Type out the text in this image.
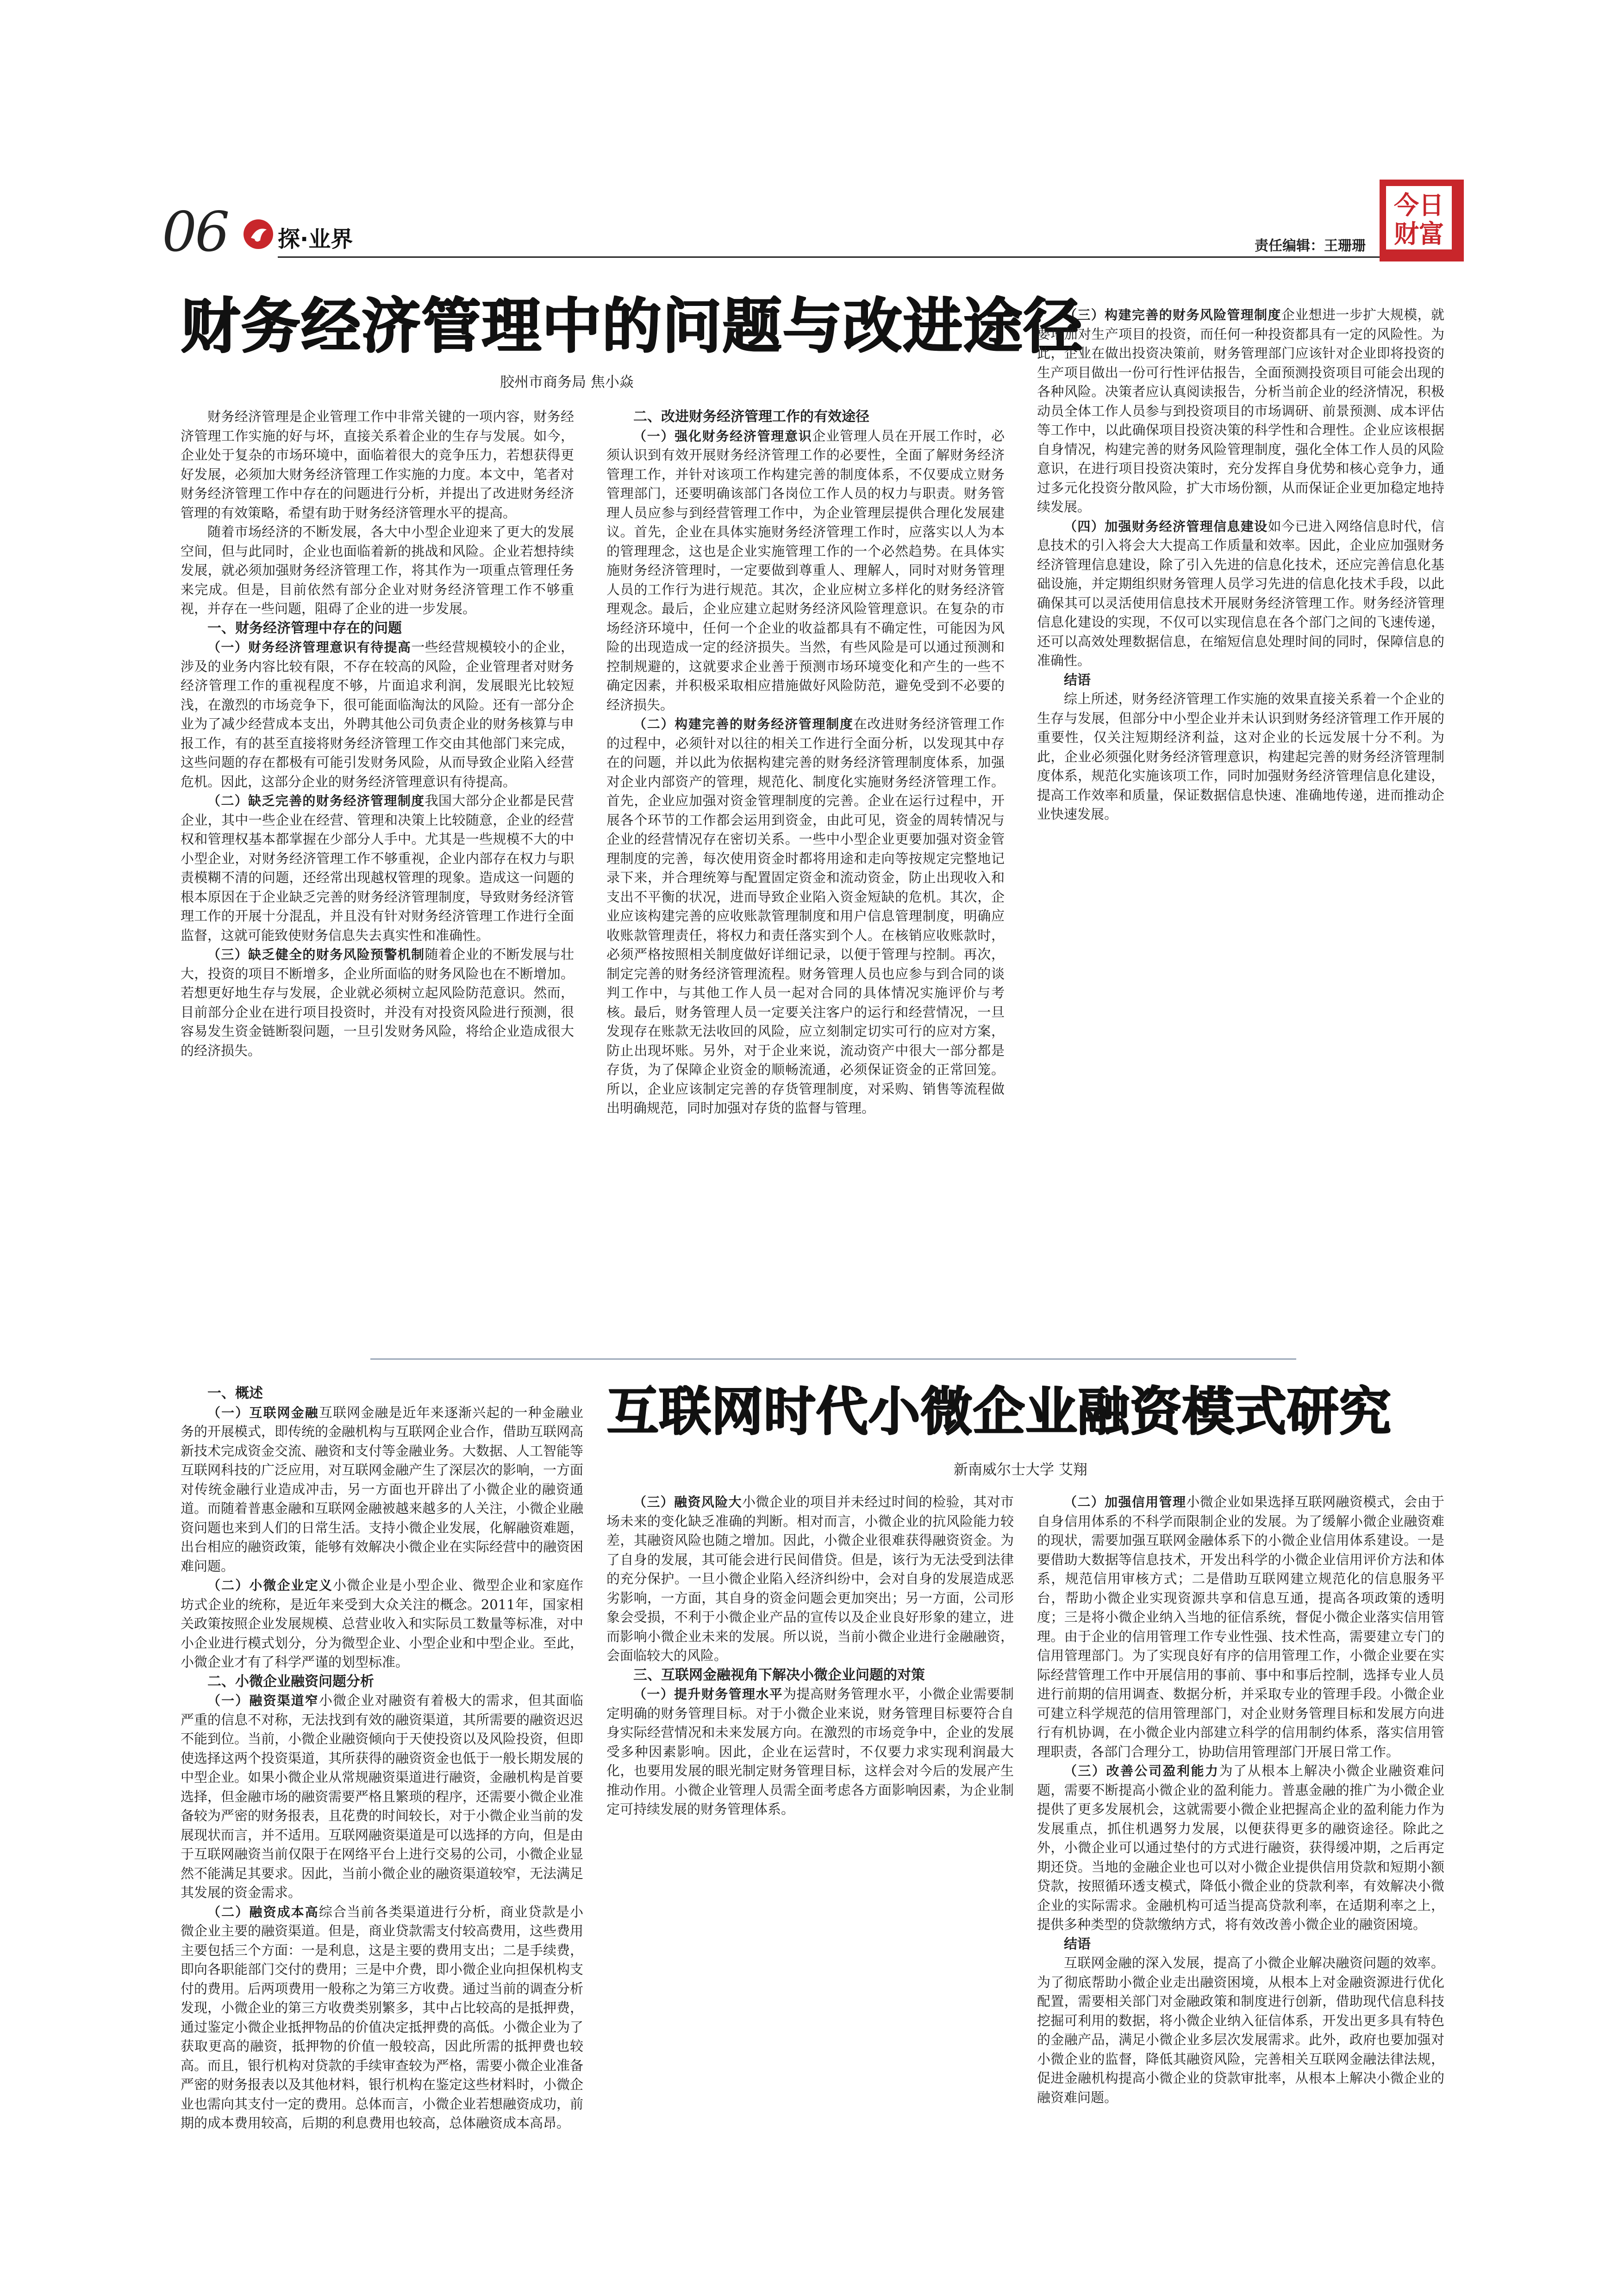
06 探·业界	责任编辑：王珊珊
今日财富
财务经济管理中的问题与改进途径
胶州市商务局 焦小焱

财务经济管理是企业管理工作中非常关键的一项内容，财务经济管理工作实施的好与坏，直接关系着企业的生存与发展。如今，企业处于复杂的市场环境中，面临着很大的竞争压力，若想获得更好发展，必须加大财务经济管理工作实施的力度。本文中，笔者对财务经济管理工作中存在的问题进行分析，并提出了改进财务经济管理的有效策略，希望有助于财务经济管理水平的提高。

随着市场经济的不断发展，各大中小型企业迎来了更大的发展空间，但与此同时，企业也面临着新的挑战和风险。企业若想持续发展，就必须加强财务经济管理工作，将其作为一项重点管理任务来完成。但是，目前依然有部分企业对财务经济管理工作不够重视，并存在一些问题，阻碍了企业的进一步发展。

一、财务经济管理中存在的问题

（一）财务经济管理意识有待提高一些经营规模较小的企业，涉及的业务内容比较有限，不存在较高的风险，企业管理者对财务经济管理工作的重视程度不够，片面追求利润，发展眼光比较短浅，在激烈的市场竞争下，很可能面临淘汰的风险。还有一部分企业为了减少经营成本支出，外聘其他公司负责企业的财务核算与申报工作，有的甚至直接将财务经济管理工作交由其他部门来完成，这些问题的存在都极有可能引发财务风险，从而导致企业陷入经营危机。因此，这部分企业的财务经济管理意识有待提高。

（二）缺乏完善的财务经济管理制度我国大部分企业都是民营企业，其中一些企业在经营、管理和决策上比较随意，企业的经营权和管理权基本都掌握在少部分人手中。尤其是一些规模不大的中小型企业，对财务经济管理工作不够重视，企业内部存在权力与职责模糊不清的问题，还经常出现越权管理的现象。造成这一问题的根本原因在于企业缺乏完善的财务经济管理制度，导致财务经济管理工作的开展十分混乱，并且没有针对财务经济管理工作进行全面监督，这就可能致使财务信息失去真实性和准确性。

（三）缺乏健全的财务风险预警机制随着企业的不断发展与壮大，投资的项目不断增多，企业所面临的财务风险也在不断增加。若想更好地生存与发展，企业就必须树立起风险防范意识。然而，目前部分企业在进行项目投资时，并没有对投资风险进行预测，很容易发生资金链断裂问题，一旦引发财务风险，将给企业造成很大的经济损失。

二、改进财务经济管理工作的有效途径

（一）强化财务经济管理意识企业管理人员在开展工作时，必须认识到有效开展财务经济管理工作的必要性，全面了解财务经济管理工作，并针对该项工作构建完善的制度体系，不仅要成立财务管理部门，还要明确该部门各岗位工作人员的权力与职责。财务管理人员应参与到经营管理工作中，为企业管理层提供合理化发展建议。首先，企业在具体实施财务经济管理工作时，应落实以人为本的管理理念，这也是企业实施管理工作的一个必然趋势。在具体实施财务经济管理时，一定要做到尊重人、理解人，同时对财务管理人员的工作行为进行规范。其次，企业应树立多样化的财务经济管理观念。最后，企业应建立起财务经济风险管理意识。在复杂的市场经济环境中，任何一个企业的收益都具有不确定性，可能因为风险的出现造成一定的经济损失。当然，有些风险是可以通过预测和控制规避的，这就要求企业善于预测市场环境变化和产生的一些不确定因素，并积极采取相应措施做好风险防范，避免受到不必要的经济损失。

（二）构建完善的财务经济管理制度在改进财务经济管理工作的过程中，必须针对以往的相关工作进行全面分析，以发现其中存在的问题，并以此为依据构建完善的财务经济管理制度体系，加强对企业内部资产的管理，规范化、制度化实施财务经济管理工作。首先，企业应加强对资金管理制度的完善。企业在运行过程中，开展各个环节的工作都会运用到资金，由此可见，资金的周转情况与企业的经营情况存在密切关系。一些中小型企业更要加强对资金管理制度的完善，每次使用资金时都将用途和走向等按规定完整地记录下来，并合理统筹与配置固定资金和流动资金，防止出现收入和支出不平衡的状况，进而导致企业陷入资金短缺的危机。其次，企业应该构建完善的应收账款管理制度和用户信息管理制度，明确应收账款管理责任，将权力和责任落实到个人。在核销应收账款时，必须严格按照相关制度做好详细记录，以便于管理与控制。再次，制定完善的财务经济管理流程。财务管理人员也应参与到合同的谈判工作中，与其他工作人员一起对合同的具体情况实施评价与考核。最后，财务管理人员一定要关注客户的运行和经营情况，一旦发现存在账款无法收回的风险，应立刻制定切实可行的应对方案，防止出现坏账。另外，对于企业来说，流动资产中很大一部分都是存货，为了保障企业资金的顺畅流通，必须保证资金的正常回笼。所以，企业应该制定完善的存货管理制度，对采购、销售等流程做出明确规范，同时加强对存货的监督与管理。

（三）构建完善的财务风险管理制度企业想进一步扩大规模，就要增加对生产项目的投资，而任何一种投资都具有一定的风险性。为此，企业在做出投资决策前，财务管理部门应该针对企业即将投资的生产项目做出一份可行性评估报告，全面预测投资项目可能会出现的各种风险。决策者应认真阅读报告，分析当前企业的经济情况，积极动员全体工作人员参与到投资项目的市场调研、前景预测、成本评估等工作中，以此确保项目投资决策的科学性和合理性。企业应该根据自身情况，构建完善的财务风险管理制度，强化全体工作人员的风险意识，在进行项目投资决策时，充分发挥自身优势和核心竞争力，通过多元化投资分散风险，扩大市场份额，从而保证企业更加稳定地持续发展。

（四）加强财务经济管理信息建设如今已进入网络信息时代，信息技术的引入将会大大提高工作质量和效率。因此，企业应加强财务经济管理信息建设，除了引入先进的信息化技术，还应完善信息化基础设施，并定期组织财务管理人员学习先进的信息化技术手段，以此确保其可以灵活使用信息技术开展财务经济管理工作。财务经济管理信息化建设的实现，不仅可以实现信息在各个部门之间的飞速传递，还可以高效处理数据信息，在缩短信息处理时间的同时，保障信息的准确性。

结语

综上所述，财务经济管理工作实施的效果直接关系着一个企业的生存与发展，但部分中小型企业并未认识到财务经济管理工作开展的重要性，仅关注短期经济利益，这对企业的长远发展十分不利。为此，企业必须强化财务经济管理意识，构建起完善的财务经济管理制度体系，规范化实施该项工作，同时加强财务经济管理信息化建设，提高工作效率和质量，保证数据信息快速、准确地传递，进而推动企业快速发展。

互联网时代小微企业融资模式研究
新南威尔士大学 艾翔
一、概述

（一）互联网金融互联网金融是近年来逐渐兴起的一种金融业务的开展模式，即传统的金融机构与互联网企业合作，借助互联网高新技术完成资金交流、融资和支付等金融业务。大数据、人工智能等互联网科技的广泛应用，对互联网金融产生了深层次的影响，一方面对传统金融行业造成冲击，另一方面也开辟出了小微企业的融资通道。而随着普惠金融和互联网金融被越来越多的人关注，小微企业融资问题也来到人们的日常生活。支持小微企业发展，化解融资难题，出台相应的融资政策，能够有效解决小微企业在实际经营中的融资困难问题。

（二）小微企业定义小微企业是小型企业、微型企业和家庭作坊式企业的统称，是近年来受到大众关注的概念。2011年，国家相关政策按照企业发展规模、总营业收入和实际员工数量等标准，对中小企业进行模式划分，分为微型企业、小型企业和中型企业。至此，小微企业才有了科学严谨的划型标准。

二、小微企业融资问题分析

（一）融资渠道窄小微企业对融资有着极大的需求，但其面临严重的信息不对称，无法找到有效的融资渠道，其所需要的融资迟迟不能到位。当前，小微企业融资倾向于天使投资以及风险投资，但即使选择这两个投资渠道，其所获得的融资资金也低于一般长期发展的中型企业。如果小微企业从常规融资渠道进行融资，金融机构是首要选择，但金融市场的融资需要严格且繁琐的程序，还需要小微企业准备较为严密的财务报表，且花费的时间较长，对于小微企业当前的发展现状而言，并不适用。互联网融资渠道是可以选择的方向，但是由于互联网融资当前仅限于在网络平台上进行交易的公司，小微企业显然不能满足其要求。因此，当前小微企业的融资渠道较窄，无法满足其发展的资金需求。

（二）融资成本高综合当前各类渠道进行分析，商业贷款是小微企业主要的融资渠道。但是，商业贷款需支付较高费用，这些费用主要包括三个方面：一是利息，这是主要的费用支出；二是手续费，即向各职能部门交付的费用；三是中介费，即小微企业向担保机构支付的费用。后两项费用一般称之为第三方收费。通过当前的调查分析发现，小微企业的第三方收费类别繁多，其中占比较高的是抵押费，通过鉴定小微企业抵押物品的价值决定抵押费的高低。小微企业为了获取更高的融资，抵押物的价值一般较高，因此所需的抵押费也较高。而且，银行机构对贷款的手续审查较为严格，需要小微企业准备严密的财务报表以及其他材料，银行机构在鉴定这些材料时，小微企业也需向其支付一定的费用。总体而言，小微企业若想融资成功，前期的成本费用较高，后期的利息费用也较高，总体融资成本高昂。

（三）融资风险大小微企业的项目并未经过时间的检验，其对市场未来的变化缺乏准确的判断。相对而言，小微企业的抗风险能力较差，其融资风险也随之增加。因此，小微企业很难获得融资资金。为了自身的发展，其可能会进行民间借贷。但是，该行为无法受到法律的充分保护。一旦小微企业陷入经济纠纷中，会对自身的发展造成恶劣影响，一方面，其自身的资金问题会更加突出；另一方面，公司形象会受损，不利于小微企业产品的宣传以及企业良好形象的建立，进而影响小微企业未来的发展。所以说，当前小微企业进行金融融资，会面临较大的风险。

三、互联网金融视角下解决小微企业问题的对策

（一）提升财务管理水平为提高财务管理水平，小微企业需要制定明确的财务管理目标。对于小微企业来说，财务管理目标要符合自身实际经营情况和未来发展方向。在激烈的市场竞争中，企业的发展受多种因素影响。因此，企业在运营时，不仅要力求实现利润最大化，也要用发展的眼光制定财务管理目标，这样会对今后的发展产生推动作用。小微企业管理人员需全面考虑各方面影响因素，为企业制定可持续发展的财务管理体系。

（二）加强信用管理小微企业如果选择互联网融资模式，会由于自身信用体系的不科学而限制企业的发展。为了缓解小微企业融资难的现状，需要加强互联网金融体系下的小微企业信用体系建设。一是要借助大数据等信息技术，开发出科学的小微企业信用评价方法和体系，规范信用审核方式；二是借助互联网建立规范化的信息服务平台，帮助小微企业实现资源共享和信息互通，提高各项政策的透明度；三是将小微企业纳入当地的征信系统，督促小微企业落实信用管理。由于企业的信用管理工作专业性强、技术性高，需要建立专门的信用管理部门。为了实现良好有序的信用管理工作，小微企业要在实际经营管理工作中开展信用的事前、事中和事后控制，选择专业人员进行前期的信用调查、数据分析，并采取专业的管理手段。小微企业可建立科学规范的信用管理部门，对企业财务管理目标和发展方向进行有机协调，在小微企业内部建立科学的信用制约体系，落实信用管理职责，各部门合理分工，协助信用管理部门开展日常工作。

（三）改善公司盈利能力为了从根本上解决小微企业融资难问题，需要不断提高小微企业的盈利能力。普惠金融的推广为小微企业提供了更多发展机会，这就需要小微企业把握高企业的盈利能力作为发展重点，抓住机遇努力发展，以便获得更多的融资途径。除此之外，小微企业可以通过垫付的方式进行融资，获得缓冲期，之后再定期还贷。当地的金融企业也可以对小微企业提供信用贷款和短期小额贷款，按照循环透支模式，降低小微企业的贷款利率，有效解决小微企业的实际需求。金融机构可适当提高贷款利率，在适期利率之上，提供多种类型的贷款缴纳方式，将有效改善小微企业的融资困境。

结语

互联网金融的深入发展，提高了小微企业解决融资问题的效率。为了彻底帮助小微企业走出融资困境，从根本上对金融资源进行优化配置，需要相关部门对金融政策和制度进行创新，借助现代信息科技挖掘可利用的数据，将小微企业纳入征信体系，开发出更多具有特色的金融产品，满足小微企业多层次发展需求。此外，政府也要加强对小微企业的监督，降低其融资风险，完善相关互联网金融法律法规，促进金融机构提高小微企业的贷款审批率，从根本上解决小微企业的融资难问题。
